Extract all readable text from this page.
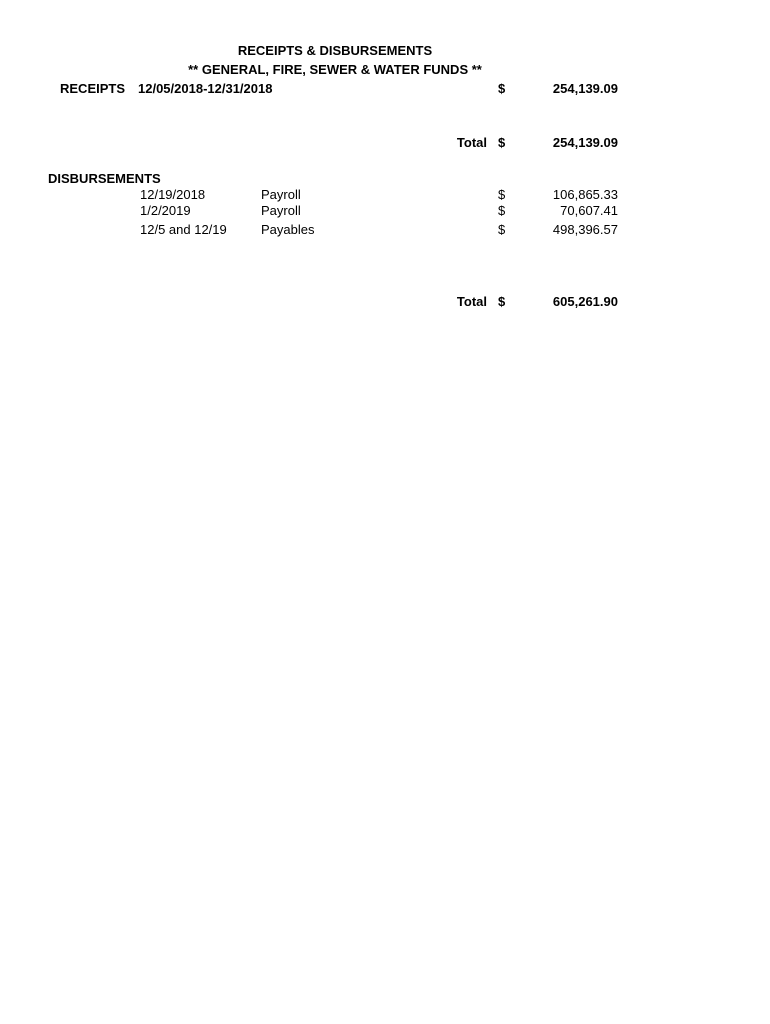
RECEIPTS & DISBURSEMENTS
** GENERAL, FIRE, SEWER & WATER FUNDS **
RECEIPTS 12/05/2018-12/31/2018	$	254,139.09
Total $	254,139.09
DISBURSEMENTS
12/19/2018	Payroll	$	106,865.33
1/2/2019	Payroll	$	70,607.41
12/5 and 12/19	Payables	$	498,396.57
Total $	605,261.90
